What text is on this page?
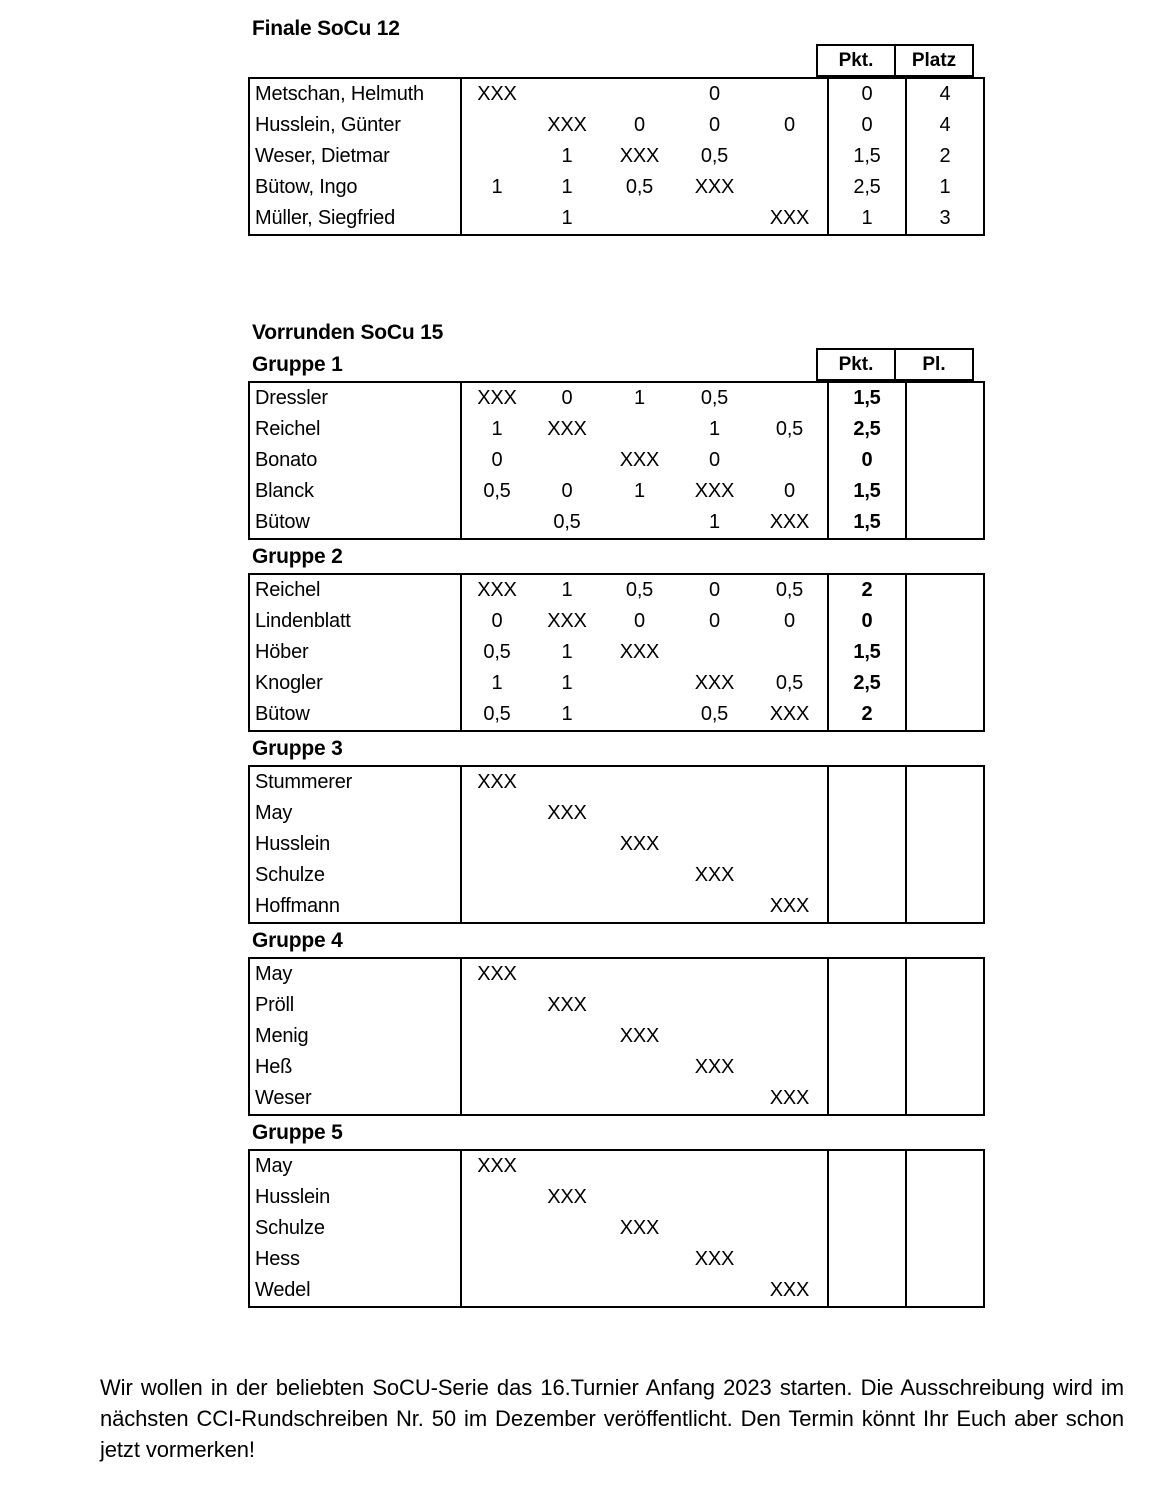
Finale SoCu 12
Pkt.	Platz
Metschan, Helmuth	XXX			0		0	4
Husslein, Günter		XXX	0	0	0	0	4
Weser, Dietmar		1	XXX	0,5		1,5	2
Bütow, Ingo	1	1	0,5	XXX		2,5	1
Müller, Siegfried		1			XXX	1	3
Vorrunden SoCu 15
Gruppe 1	Pkt.	Pl.
Dressler	XXX	0	1	0,5		1,5	
Reichel	1	XXX		1	0,5	2,5	
Bonato	0		XXX	0		0	
Blanck	0,5	0	1	XXX	0	1,5	
Bütow		0,5		1	XXX	1,5	
Gruppe 2
Reichel	XXX	1	0,5	0	0,5	2	
Lindenblatt	0	XXX	0	0	0	0	
Höber	0,5	1	XXX			1,5	
Knogler	1	1		XXX	0,5	2,5	
Bütow	0,5	1		0,5	XXX	2	
Gruppe 3
Stummerer	XXX						
May		XXX					
Husslein			XXX				
Schulze				XXX			
Hoffmann					XXX		
Gruppe 4
May	XXX						
Pröll		XXX					
Menig			XXX				
Heß				XXX			
Weser					XXX		
Gruppe 5
May	XXX						
Husslein		XXX					
Schulze			XXX				
Hess				XXX			
Wedel					XXX		
Wir wollen in der beliebten SoCU-Serie das 16.Turnier Anfang 2023 starten. Die Ausschreibung wird im nächsten CCI-Rundschreiben Nr. 50 im Dezember veröffentlicht. Den Termin könnt Ihr Euch aber schon jetzt vormerken!
